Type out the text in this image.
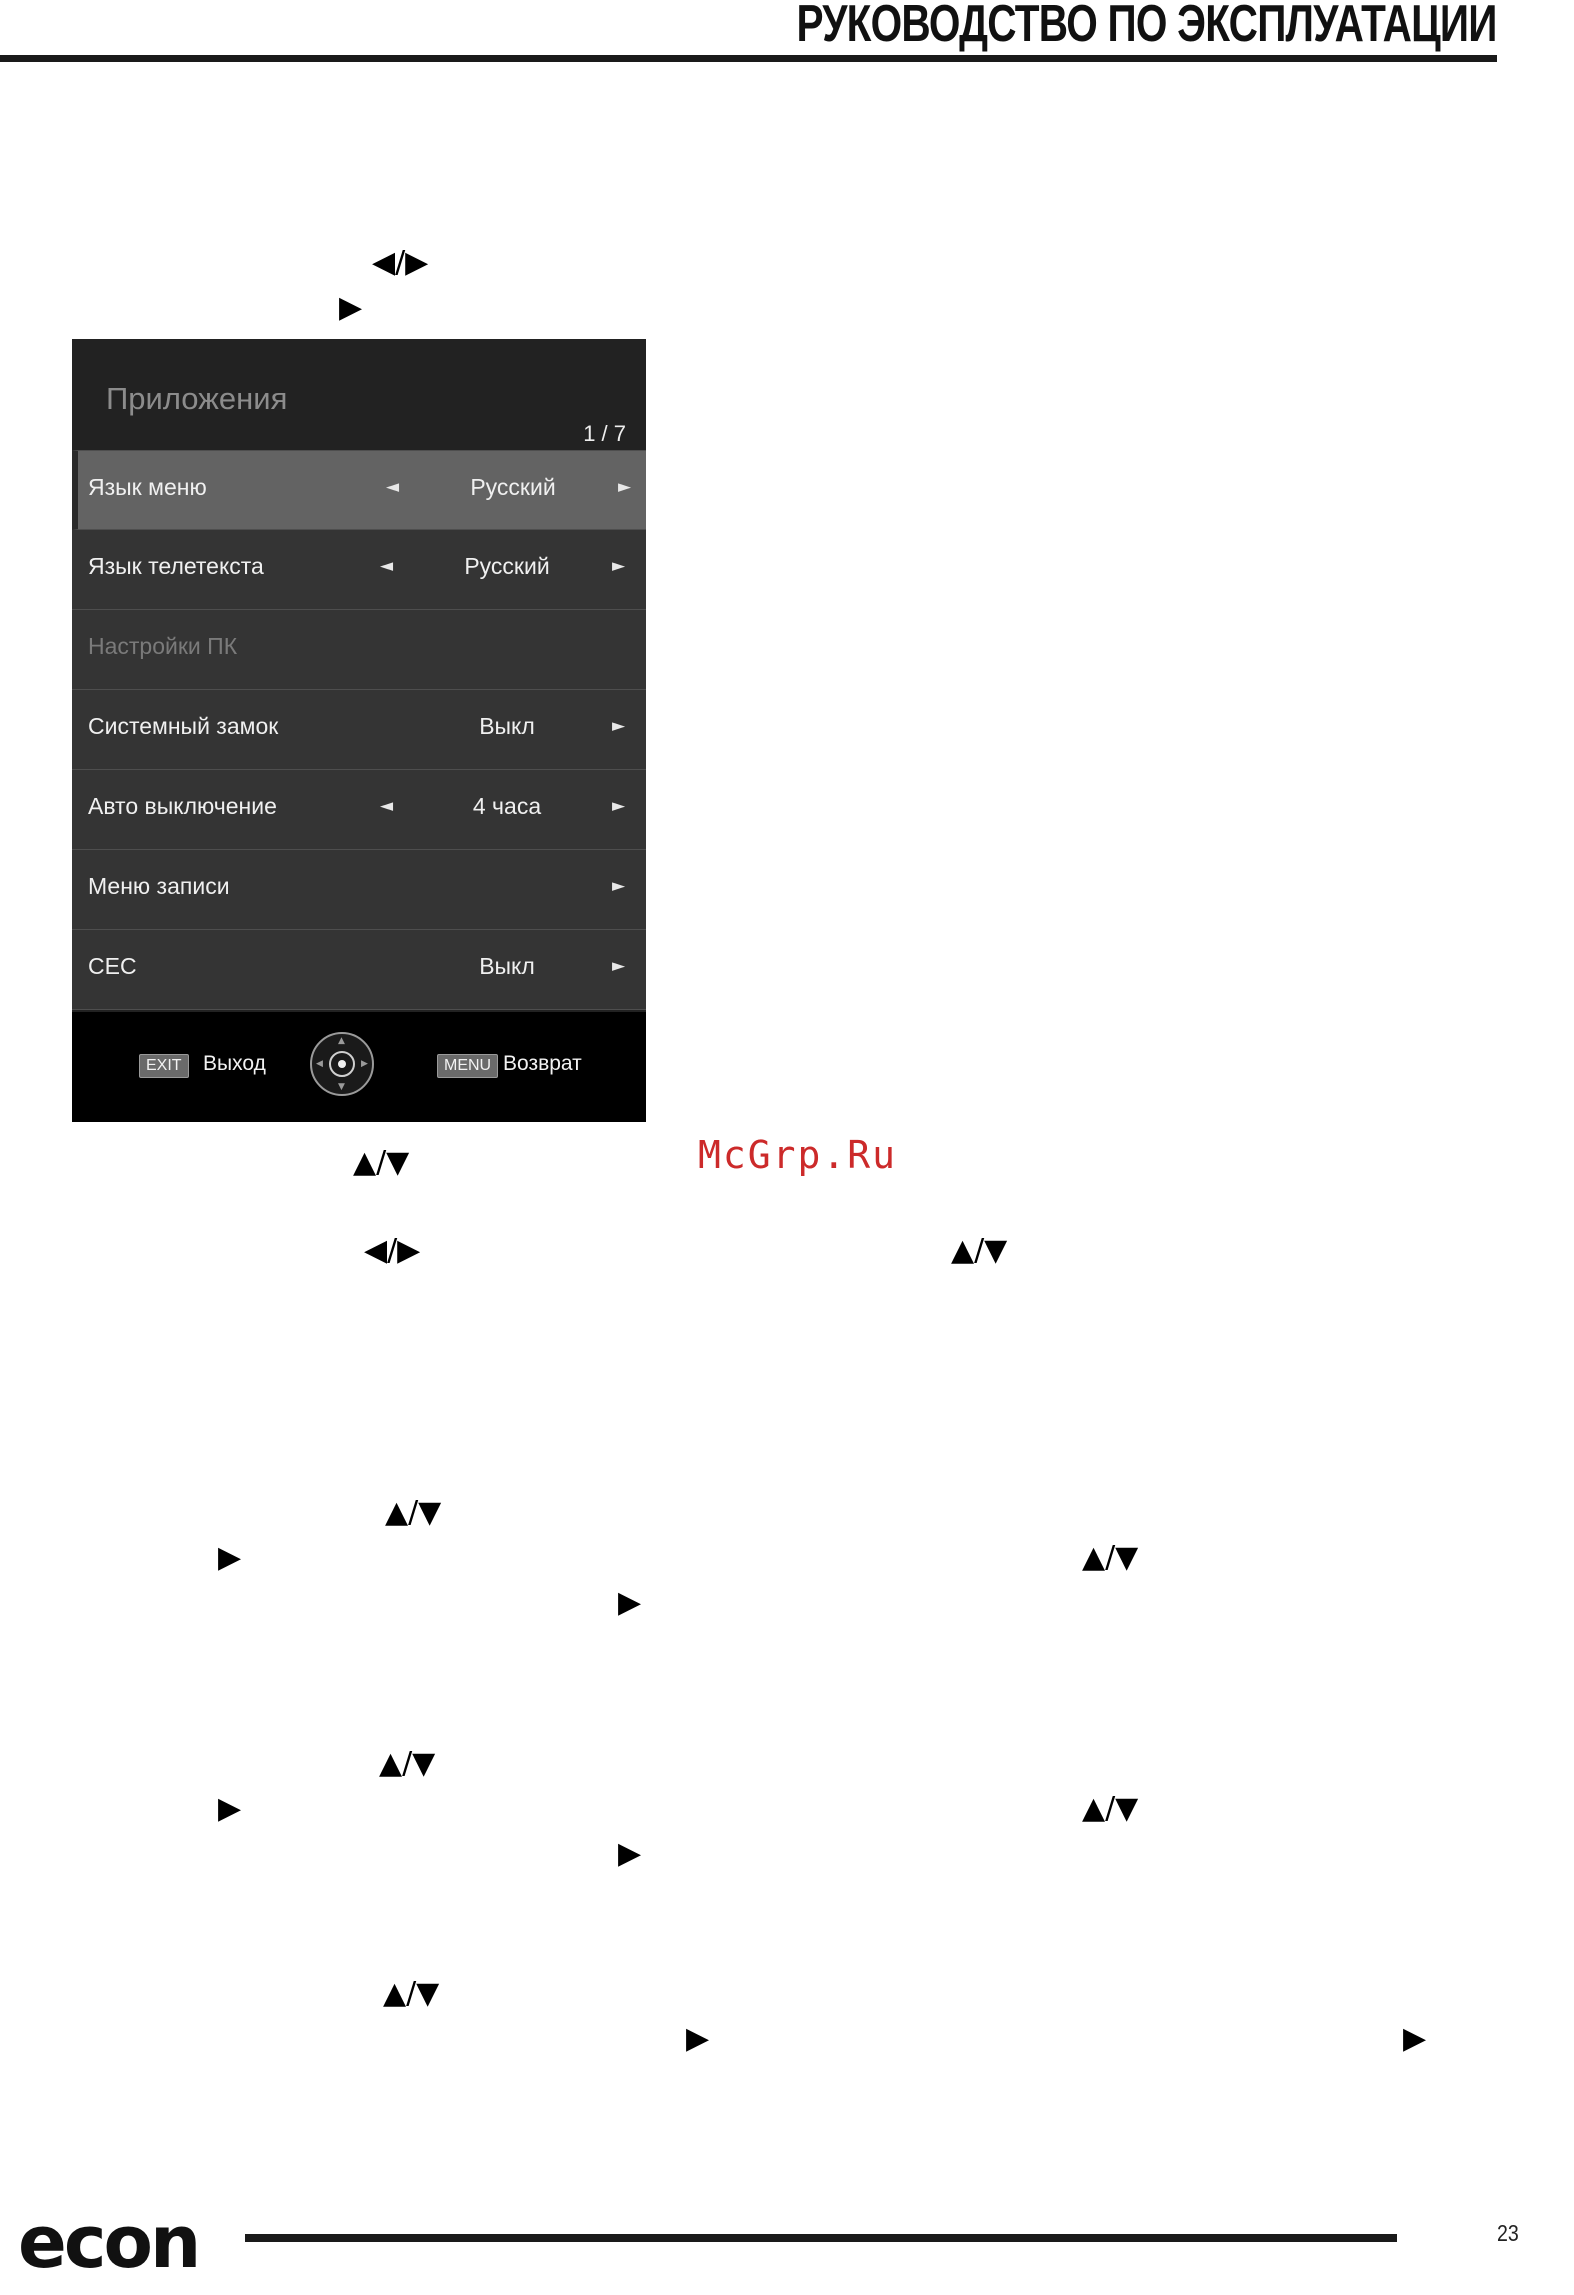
РУКОВОДСТВО ПО ЭКСПЛУАТАЦИИ
◀/▶
▶
Приложения
1 / 7
Язык меню	◄	Русский	►
Язык телетекста	◄	Русский	►
Настройки ПК
Системный замок	Выкл	►
Авто выключение	◄	4 часа	►
Меню записи	►
CEC	Выкл	►
EXIT	Выход
▲
▼
◀	▶	MENU Возврат
McGrp.Ru
▲/▼
◀/▶	▲/▼
▲/▼
▶	▲/▼
▶
▲/▼
▶	▲/▼
▶
▲/▼
▶	▶
econ	23
